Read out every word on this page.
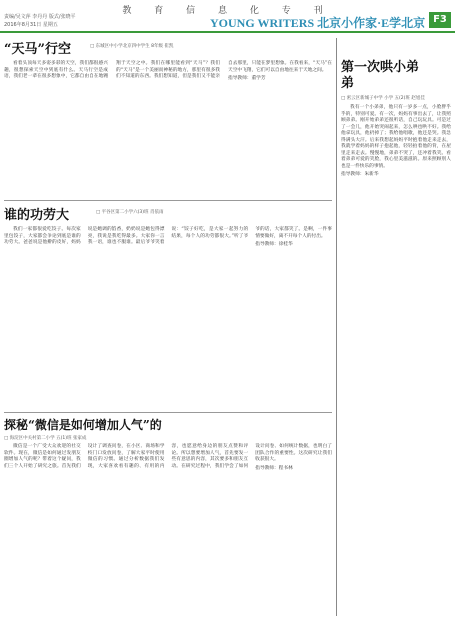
教 育 信 息 化 专 刊
责编/吴文萍 李丹丹 版式/张晓平
2016年8月31日 星期五	YOUNG WRITERS 北京小作家·E学北京 F3
“天马”行空	□ 东城区中小学北京四中学生 8年级 崔凯
看着头顶每天多姿多彩的天空，我们都很感兴趣，很想探索天空中到底有什么。天马行空是成语，我们老一辈在很多想象中，它都自由自在地翱翔于天空之中。我们在哪里能看到“天马”？我们的“天马”是一个美丽而神秘的地方，那里有很多我们不知道的东西。我们想知道，但是我们又不能亲自去那里，只能在梦里想象。在我看来，“天马”在天空中飞翔，它们可以自由地往来于天地之间。
指导教师：董学芳
谁的功劳大	□ 平谷区第二小学六(3)班 肖依雨
我们一家都很爱吃饺子。每次家里包饺子，大家都会争论到底是谁的功劳大。爸爸说是他擀的皮好，妈妈说是她调的馅香，奶奶说是她包得漂亮，我说是我吃得最多。大家你一言我一语，谁也不服谁。最后爷爷笑着说：“饺子好吃，是大家一起努力的结果，每个人的功劳都很大。”听了爷爷的话，大家都笑了。是啊，一件事情要做好，离不开每个人的付出。
指导教师：徐桂华
探秘“微信是如何增加人气”的
□ 海淀区中关村第二小学 五(1)班 张家成
微信是一个广受大众欢迎的社交软件。现在，微信是如何通过发朋友圈增加人气的呢？带着这个疑问，我们三个人开始了研究之旅。首先我们设计了调查问卷，在小区、商场和学校门口发放问卷，了解大家平时使用微信的习惯。通过分析数据我们发现，大家喜欢看有趣的、有用的内容，也愿意给身边的朋友点赞和评论。所以想要增加人气，首先要发一些有意思的内容，其次要多和朋友互动。在研究过程中，我们学会了如何设计问卷、如何统计数据，也明白了团队合作的重要性。这次研究让我们收获很大。
指导教师：程书林
第一次哄小弟弟
□ 密云区新城子中学 小学 五(2)班 赵旭佳
我有一个小弟弟，他只有一岁多一点，小脸胖乎乎的，特别可爱。有一次，妈妈有事出去了，让我照顾弟弟。刚开始弟弟还很听话，自己玩玩具。可是过了一会儿，他开始哭闹起来，怎么哄也哄不好。我给他拿玩具，他扔掉了；我给他唱歌，他还是哭。我急得满头大汗。后来我想起妈妈平时抱着他走来走去，我就学着妈妈的样子抱起他，轻轻拍着他的背，在屋里走来走去。慢慢地，弟弟不哭了，还冲着我笑。看着弟弟可爱的笑脸，我心里美滋滋的。原来照顾别人也是一件快乐的事情。
指导教师：朱新华
